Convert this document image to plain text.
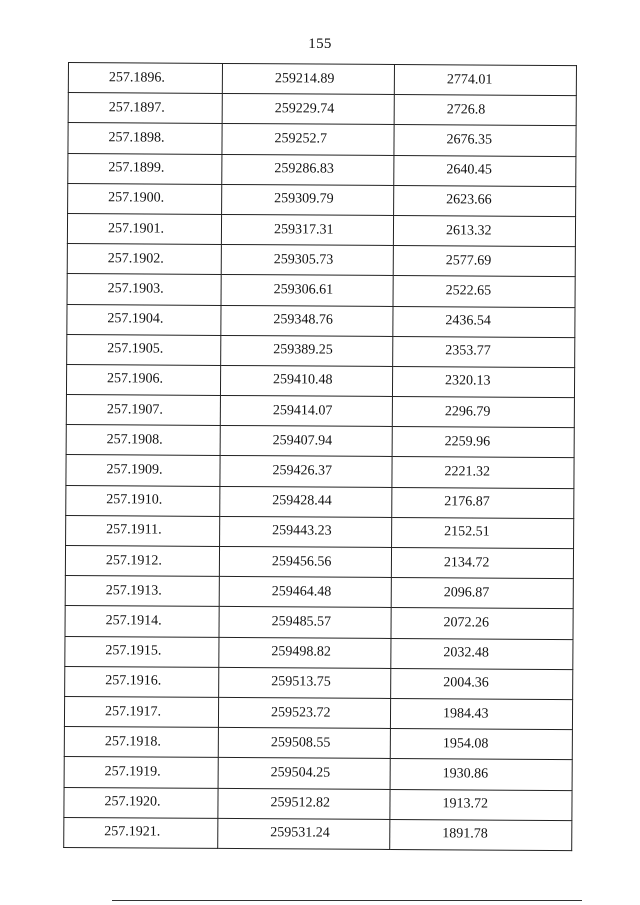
155
257.1896.	259214.89	2774.01
257.1897.	259229.74	2726.8
257.1898.	259252.7	2676.35
257.1899.	259286.83	2640.45
257.1900.	259309.79	2623.66
257.1901.	259317.31	2613.32
257.1902.	259305.73	2577.69
257.1903.	259306.61	2522.65
257.1904.	259348.76	2436.54
257.1905.	259389.25	2353.77
257.1906.	259410.48	2320.13
257.1907.	259414.07	2296.79
257.1908.	259407.94	2259.96
257.1909.	259426.37	2221.32
257.1910.	259428.44	2176.87
257.1911.	259443.23	2152.51
257.1912.	259456.56	2134.72
257.1913.	259464.48	2096.87
257.1914.	259485.57	2072.26
257.1915.	259498.82	2032.48
257.1916.	259513.75	2004.36
257.1917.	259523.72	1984.43
257.1918.	259508.55	1954.08
257.1919.	259504.25	1930.86
257.1920.	259512.82	1913.72
257.1921.	259531.24	1891.78
